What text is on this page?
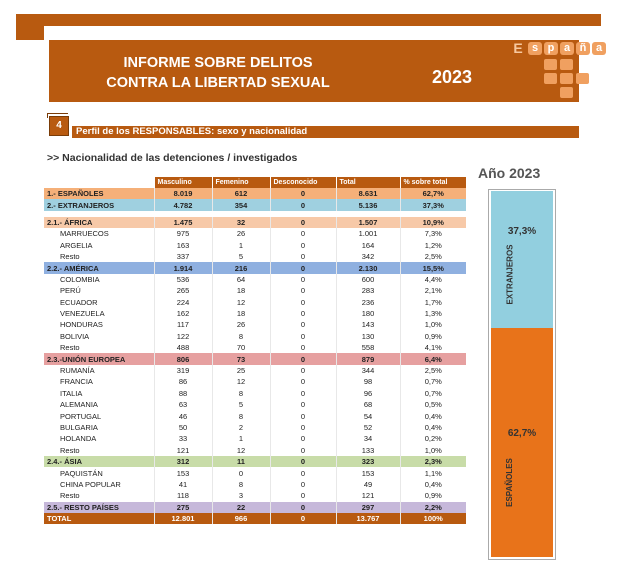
INFORME SOBRE DELITOS
CONTRA LA LIBERTAD SEXUAL	2023
E s p a ñ a
4
Perfil de los RESPONSABLES: sexo y nacionalidad
>> Nacionalidad de las detenciones / investigados
Año 2023
	Masculino	Femenino	Desconocido	Total	% sobre total
1.- ESPAÑOLES	8.019	612	0	8.631	62,7%
2.- EXTRANJEROS	4.782	354	0	5.136	37,3%

2.1.- ÁFRICA	1.475	32	0	1.507	10,9%
MARRUECOS	975	26	0	1.001	7,3%
ARGELIA	163	1	0	164	1,2%
Resto	337	5	0	342	2,5%
2.2.- AMÉRICA	1.914	216	0	2.130	15,5%
COLOMBIA	536	64	0	600	4,4%
PERÚ	265	18	0	283	2,1%
ECUADOR	224	12	0	236	1,7%
VENEZUELA	162	18	0	180	1,3%
HONDURAS	117	26	0	143	1,0%
BOLIVIA	122	8	0	130	0,9%
Resto	488	70	0	558	4,1%
2.3.-UNIÓN EUROPEA	806	73	0	879	6,4%
RUMANÍA	319	25	0	344	2,5%
FRANCIA	86	12	0	98	0,7%
ITALIA	88	8	0	96	0,7%
ALEMANIA	63	5	0	68	0,5%
PORTUGAL	46	8	0	54	0,4%
BULGARIA	50	2	0	52	0,4%
HOLANDA	33	1	0	34	0,2%
Resto	121	12	0	133	1,0%
2.4.- ÁSIA	312	11	0	323	2,3%
PAQUISTÁN	153	0	0	153	1,1%
CHINA POPULAR	41	8	0	49	0,4%
Resto	118	3	0	121	0,9%
2.5.- RESTO PAÍSES	275	22	0	297	2,2%
TOTAL	12.801	966	0	13.767	100%
37,3%
EXTRANJEROS
62,7%
ESPAÑOLES
